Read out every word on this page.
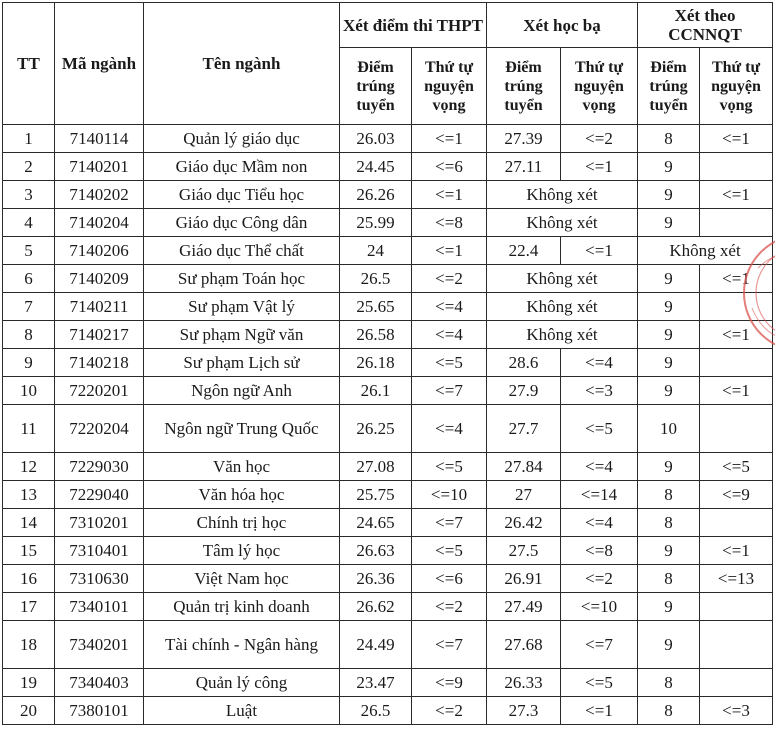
TT	Mã ngành	Tên ngành	Xét điểm thi THPT		Xét học bạ		Xét theo CCNNQT	
			Điểm trúng tuyển	Thứ tự nguyện vọng	Điểm trúng tuyển	Thứ tự nguyện vọng	Điểm trúng tuyển	Thứ tự nguyện vọng
1	7140114	Quản lý giáo dục	26.03	<=1	27.39	<=2	8	<=1
2	7140201	Giáo dục Mầm non	24.45	<=6	27.11	<=1	9	
3	7140202	Giáo dục Tiểu học	26.26	<=1	Không xét		9	<=1
4	7140204	Giáo dục Công dân	25.99	<=8	Không xét		9	
5	7140206	Giáo dục Thể chất	24	<=1	22.4	<=1	Không xét	
6	7140209	Sư phạm Toán học	26.5	<=2	Không xét		9	<=1
7	7140211	Sư phạm Vật lý	25.65	<=4	Không xét		9	
8	7140217	Sư phạm Ngữ văn	26.58	<=4	Không xét		9	<=1
9	7140218	Sư phạm Lịch sử	26.18	<=5	28.6	<=4	9	
10	7220201	Ngôn ngữ Anh	26.1	<=7	27.9	<=3	9	<=1
11	7220204	Ngôn ngữ Trung Quốc	26.25	<=4	27.7	<=5	10	
12	7229030	Văn học	27.08	<=5	27.84	<=4	9	<=5
13	7229040	Văn hóa học	25.75	<=10	27	<=14	8	<=9
14	7310201	Chính trị học	24.65	<=7	26.42	<=4	8	
15	7310401	Tâm lý học	26.63	<=5	27.5	<=8	9	<=1
16	7310630	Việt Nam học	26.36	<=6	26.91	<=2	8	<=13
17	7340101	Quản trị kinh doanh	26.62	<=2	27.49	<=10	9	
18	7340201	Tài chính - Ngân hàng	24.49	<=7	27.68	<=7	9	
19	7340403	Quản lý công	23.47	<=9	26.33	<=5	8	
20	7380101	Luật	26.5	<=2	27.3	<=1	8	<=3
